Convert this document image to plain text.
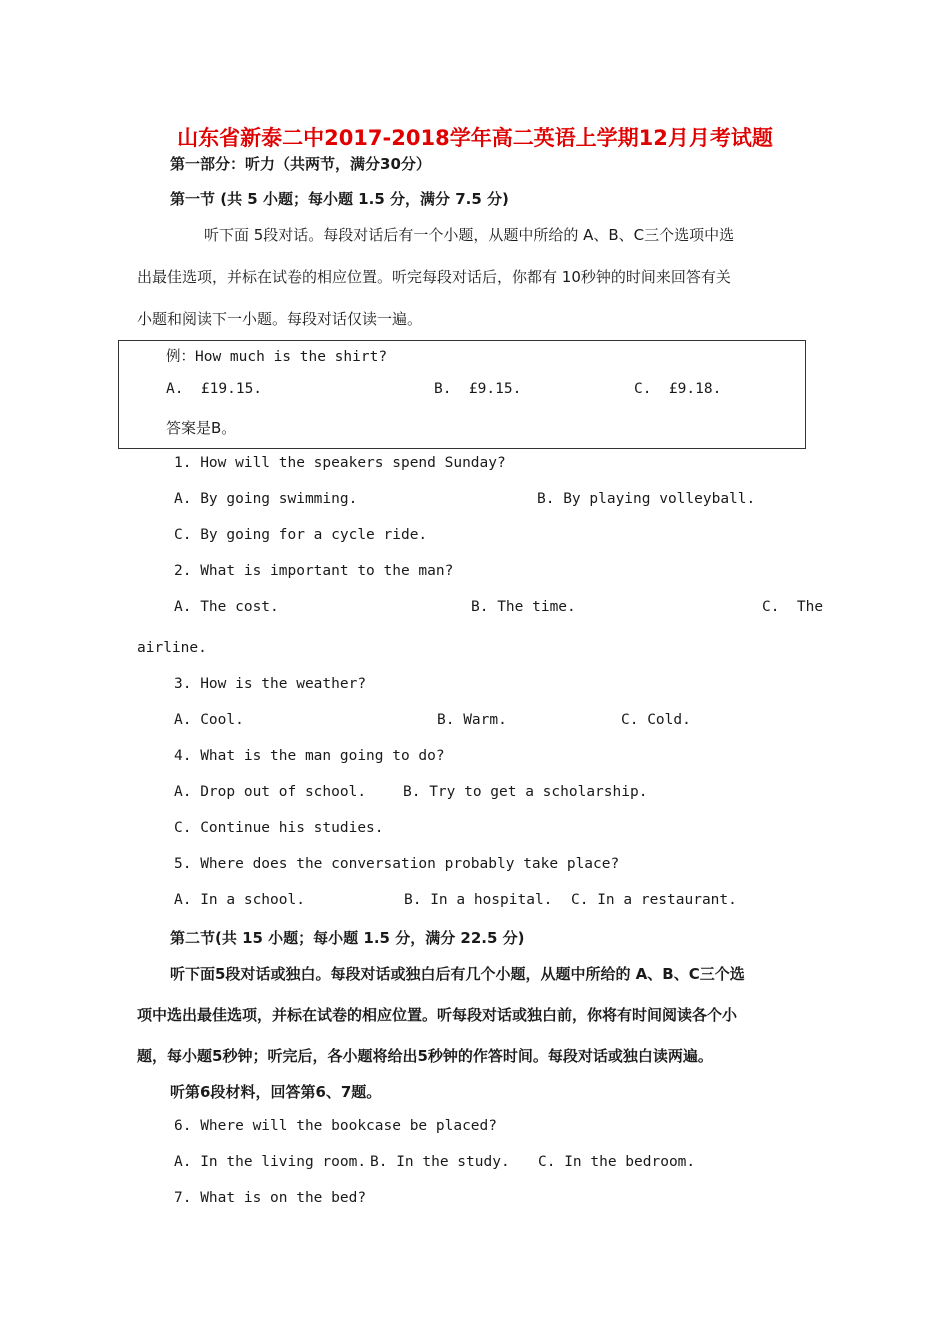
山东省新泰二中2017-2018学年高二英语上学期12月月考试题
第一部分：听力（共两节，满分30分）
第一节 (共 5 小题；每小题 1.5 分，满分 7.5 分)
听下面 5段对话。每段对话后有一个小题，从题中所给的 A、B、C三个选项中选
出最佳选项，并标在试卷的相应位置。听完每段对话后，你都有 10秒钟的时间来回答有关
小题和阅读下一小题。每段对话仅读一遍。
例：How much is the shirt?
A.  £19.15.	B.  £9.15.	C.  £9.18.
答案是B。
1. How will the speakers spend Sunday?
A. By going swimming.	B. By playing volleyball.
C. By going for a cycle ride.
2. What is important to the man?
A. The cost.	B. The time.	C.  The
airline.
3. How is the weather?
A. Cool.	B. Warm.	C. Cold.
4. What is the man going to do?
A. Drop out of school.	B. Try to get a scholarship.
C. Continue his studies.
5. Where does the conversation probably take place?
A. In a school.	B. In a hospital. C. In a restaurant.
第二节(共 15 小题；每小题 1.5 分，满分 22.5 分)
听下面5段对话或独白。每段对话或独白后有几个小题，从题中所给的 A、B、C三个选
项中选出最佳选项，并标在试卷的相应位置。听每段对话或独白前，你将有时间阅读各个小
题，每小题5秒钟；听完后，各小题将给出5秒钟的作答时间。每段对话或独白读两遍。
听第6段材料，回答第6、7题。
6. Where will the bookcase be placed?
A. In the living room. B. In the study. C. In the bedroom.
7. What is on the bed?
